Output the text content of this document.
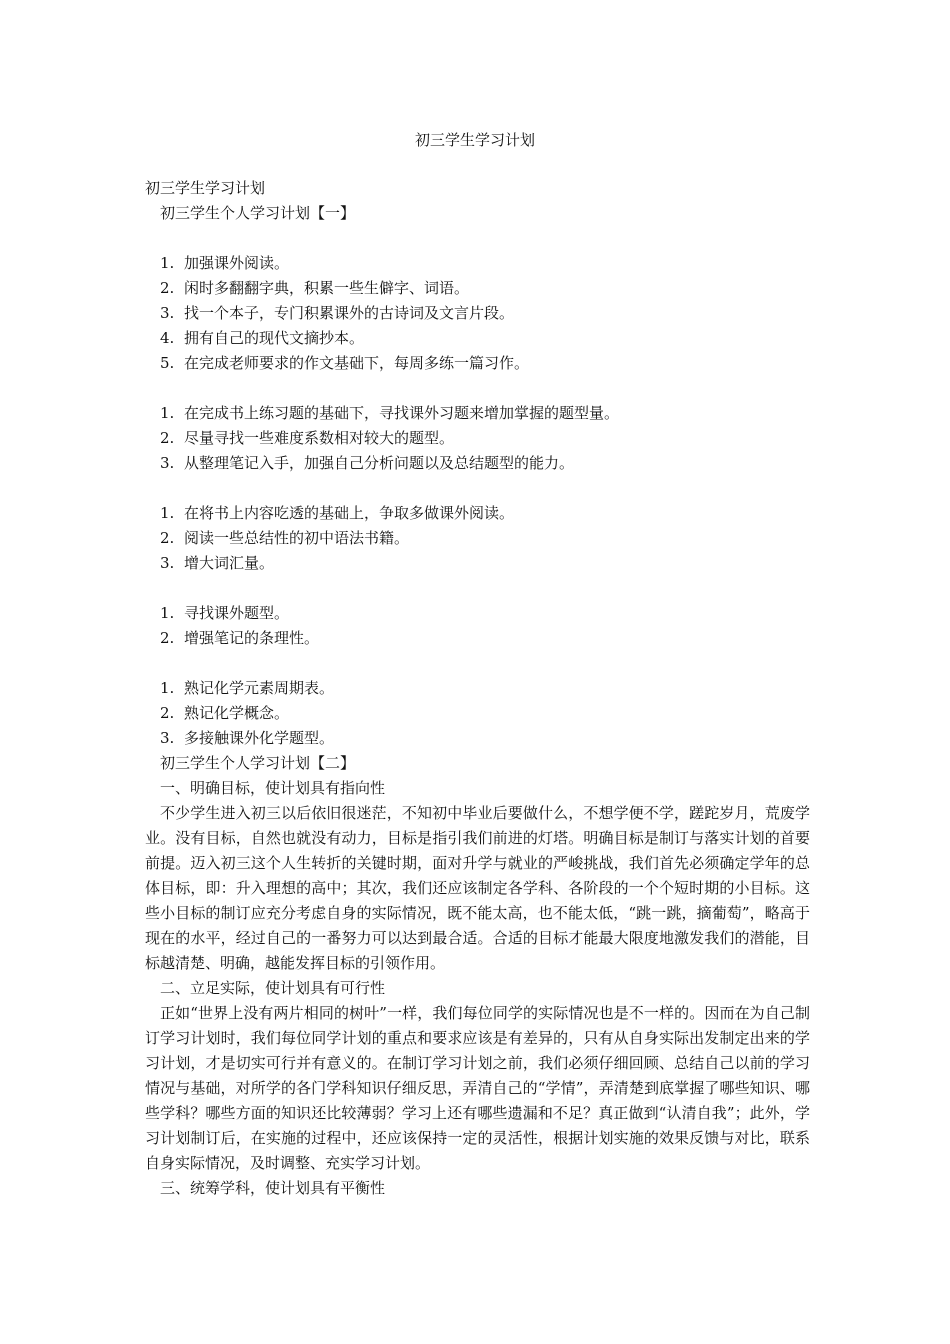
初三学生学习计划
初三学生学习计划
初三学生个人学习计划【一】
1. 加强课外阅读。
2. 闲时多翻翻字典，积累一些生僻字、词语。
3. 找一个本子，专门积累课外的古诗词及文言片段。
4. 拥有自己的现代文摘抄本。
5. 在完成老师要求的作文基础下，每周多练一篇习作。
1. 在完成书上练习题的基础下，寻找课外习题来增加掌握的题型量。
2. 尽量寻找一些难度系数相对较大的题型。
3. 从整理笔记入手，加强自己分析问题以及总结题型的能力。
1. 在将书上内容吃透的基础上，争取多做课外阅读。
2. 阅读一些总结性的初中语法书籍。
3. 增大词汇量。
1. 寻找课外题型。
2. 增强笔记的条理性。
1. 熟记化学元素周期表。
2. 熟记化学概念。
3. 多接触课外化学题型。
初三学生个人学习计划【二】
一、明确目标，使计划具有指向性

不少学生进入初三以后依旧很迷茫，不知初中毕业后要做什么，不想学便不学，蹉跎岁月，荒废学业。没有目标，自然也就没有动力，目标是指引我们前进的灯塔。明确目标是制订与落实计划的首要前提。迈入初三这个人生转折的关键时期，面对升学与就业的严峻挑战，我们首先必须确定学年的总体目标，即：升入理想的高中；其次，我们还应该制定各学科、各阶段的一个个短时期的小目标。这些小目标的制订应充分考虑自身的实际情况，既不能太高，也不能太低，“跳一跳，摘葡萄”，略高于现在的水平，经过自己的一番努力可以达到最合适。合适的目标才能最大限度地激发我们的潜能，目标越清楚、明确，越能发挥目标的引领作用。

二、立足实际，使计划具有可行性

正如“世界上没有两片相同的树叶”一样，我们每位同学的实际情况也是不一样的。因而在为自己制订学习计划时，我们每位同学计划的重点和要求应该是有差异的，只有从自身实际出发制定出来的学习计划，才是切实可行并有意义的。在制订学习计划之前，我们必须仔细回顾、总结自己以前的学习情况与基础，对所学的各门学科知识仔细反思，弄清自己的“学情”，弄清楚到底掌握了哪些知识、哪些学科？哪些方面的知识还比较薄弱？学习上还有哪些遗漏和不足？真正做到“认清自我”；此外，学习计划制订后，在实施的过程中，还应该保持一定的灵活性，根据计划实施的效果反馈与对比，联系自身实际情况，及时调整、充实学习计划。

三、统筹学科，使计划具有平衡性
